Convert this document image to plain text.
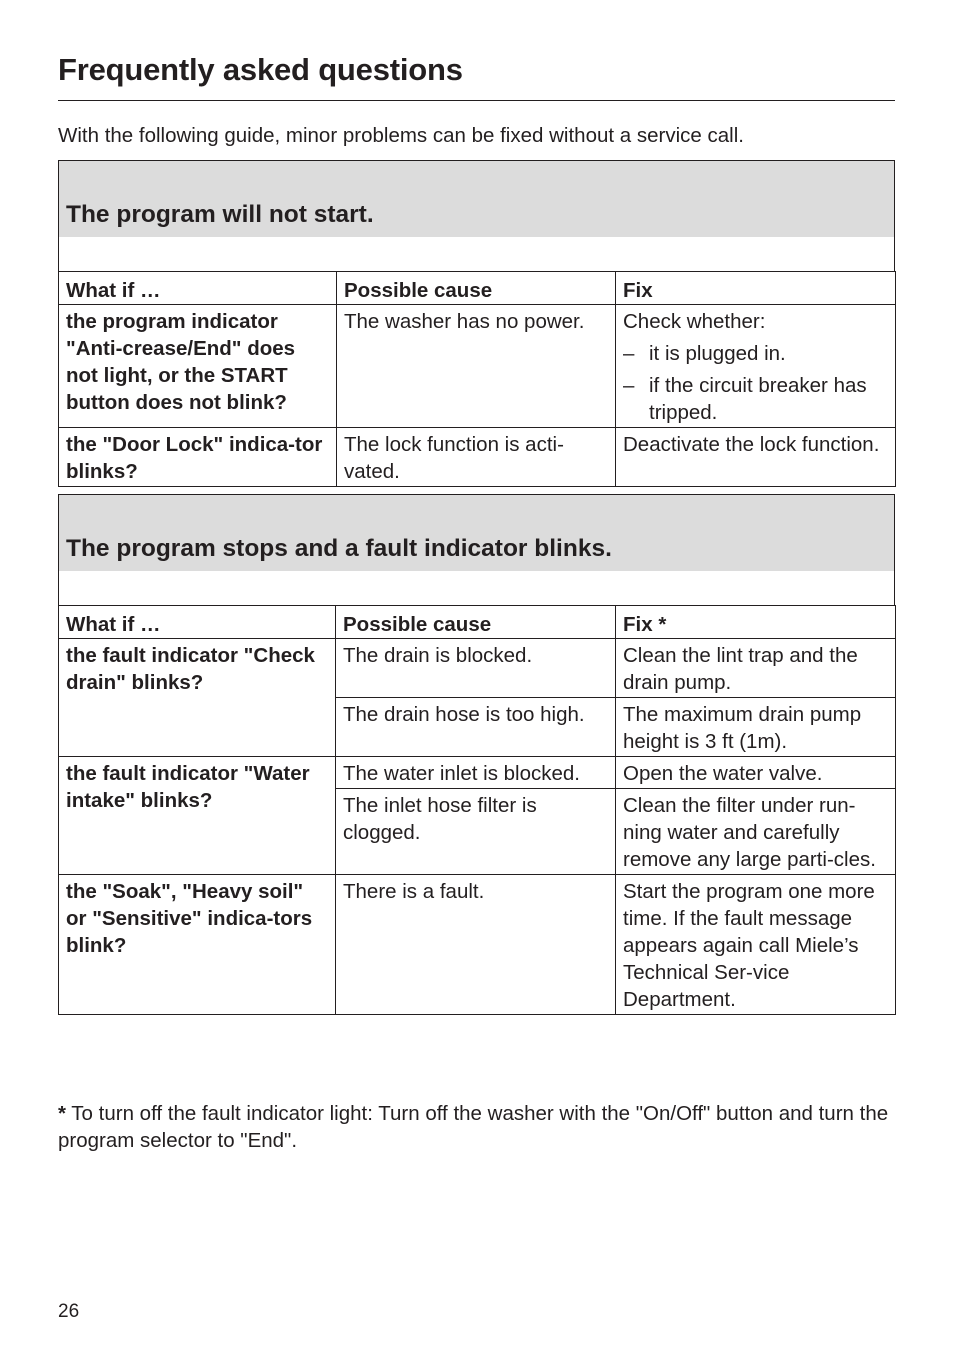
Frequently asked questions
With the following guide, minor problems can be fixed without a service call.
The program will not start.
What if …	Possible cause	Fix
the program indicator "Anti-crease/End" does not light, or the START button does not blink?	The washer has no power.	Check whether:
– it is plugged in.
– if the circuit breaker has tripped.

the "Door Lock" indica-tor blinks?	The lock function is acti-vated.	Deactivate the lock function.
The program stops and a fault indicator blinks.
What if …	Possible cause	Fix *
the fault indicator "Check drain" blinks?	The drain is blocked.	Clean the lint trap and the drain pump.
	The drain hose is too high.	The maximum drain pump height is 3 ft (1m).
the fault indicator "Water intake" blinks?	The water inlet is blocked.	Open the water valve.
	The inlet hose filter is clogged.	Clean the filter under run-ning water and carefully remove any large parti-cles.
the "Soak", "Heavy soil" or "Sensitive" indica-tors blink?	There is a fault.	Start the program one more time. If the fault message appears again call Miele’s Technical Ser-vice Department.
* To turn off the fault indicator light: Turn off the washer with the "On/Off" button and turn the program selector to "End".
26
